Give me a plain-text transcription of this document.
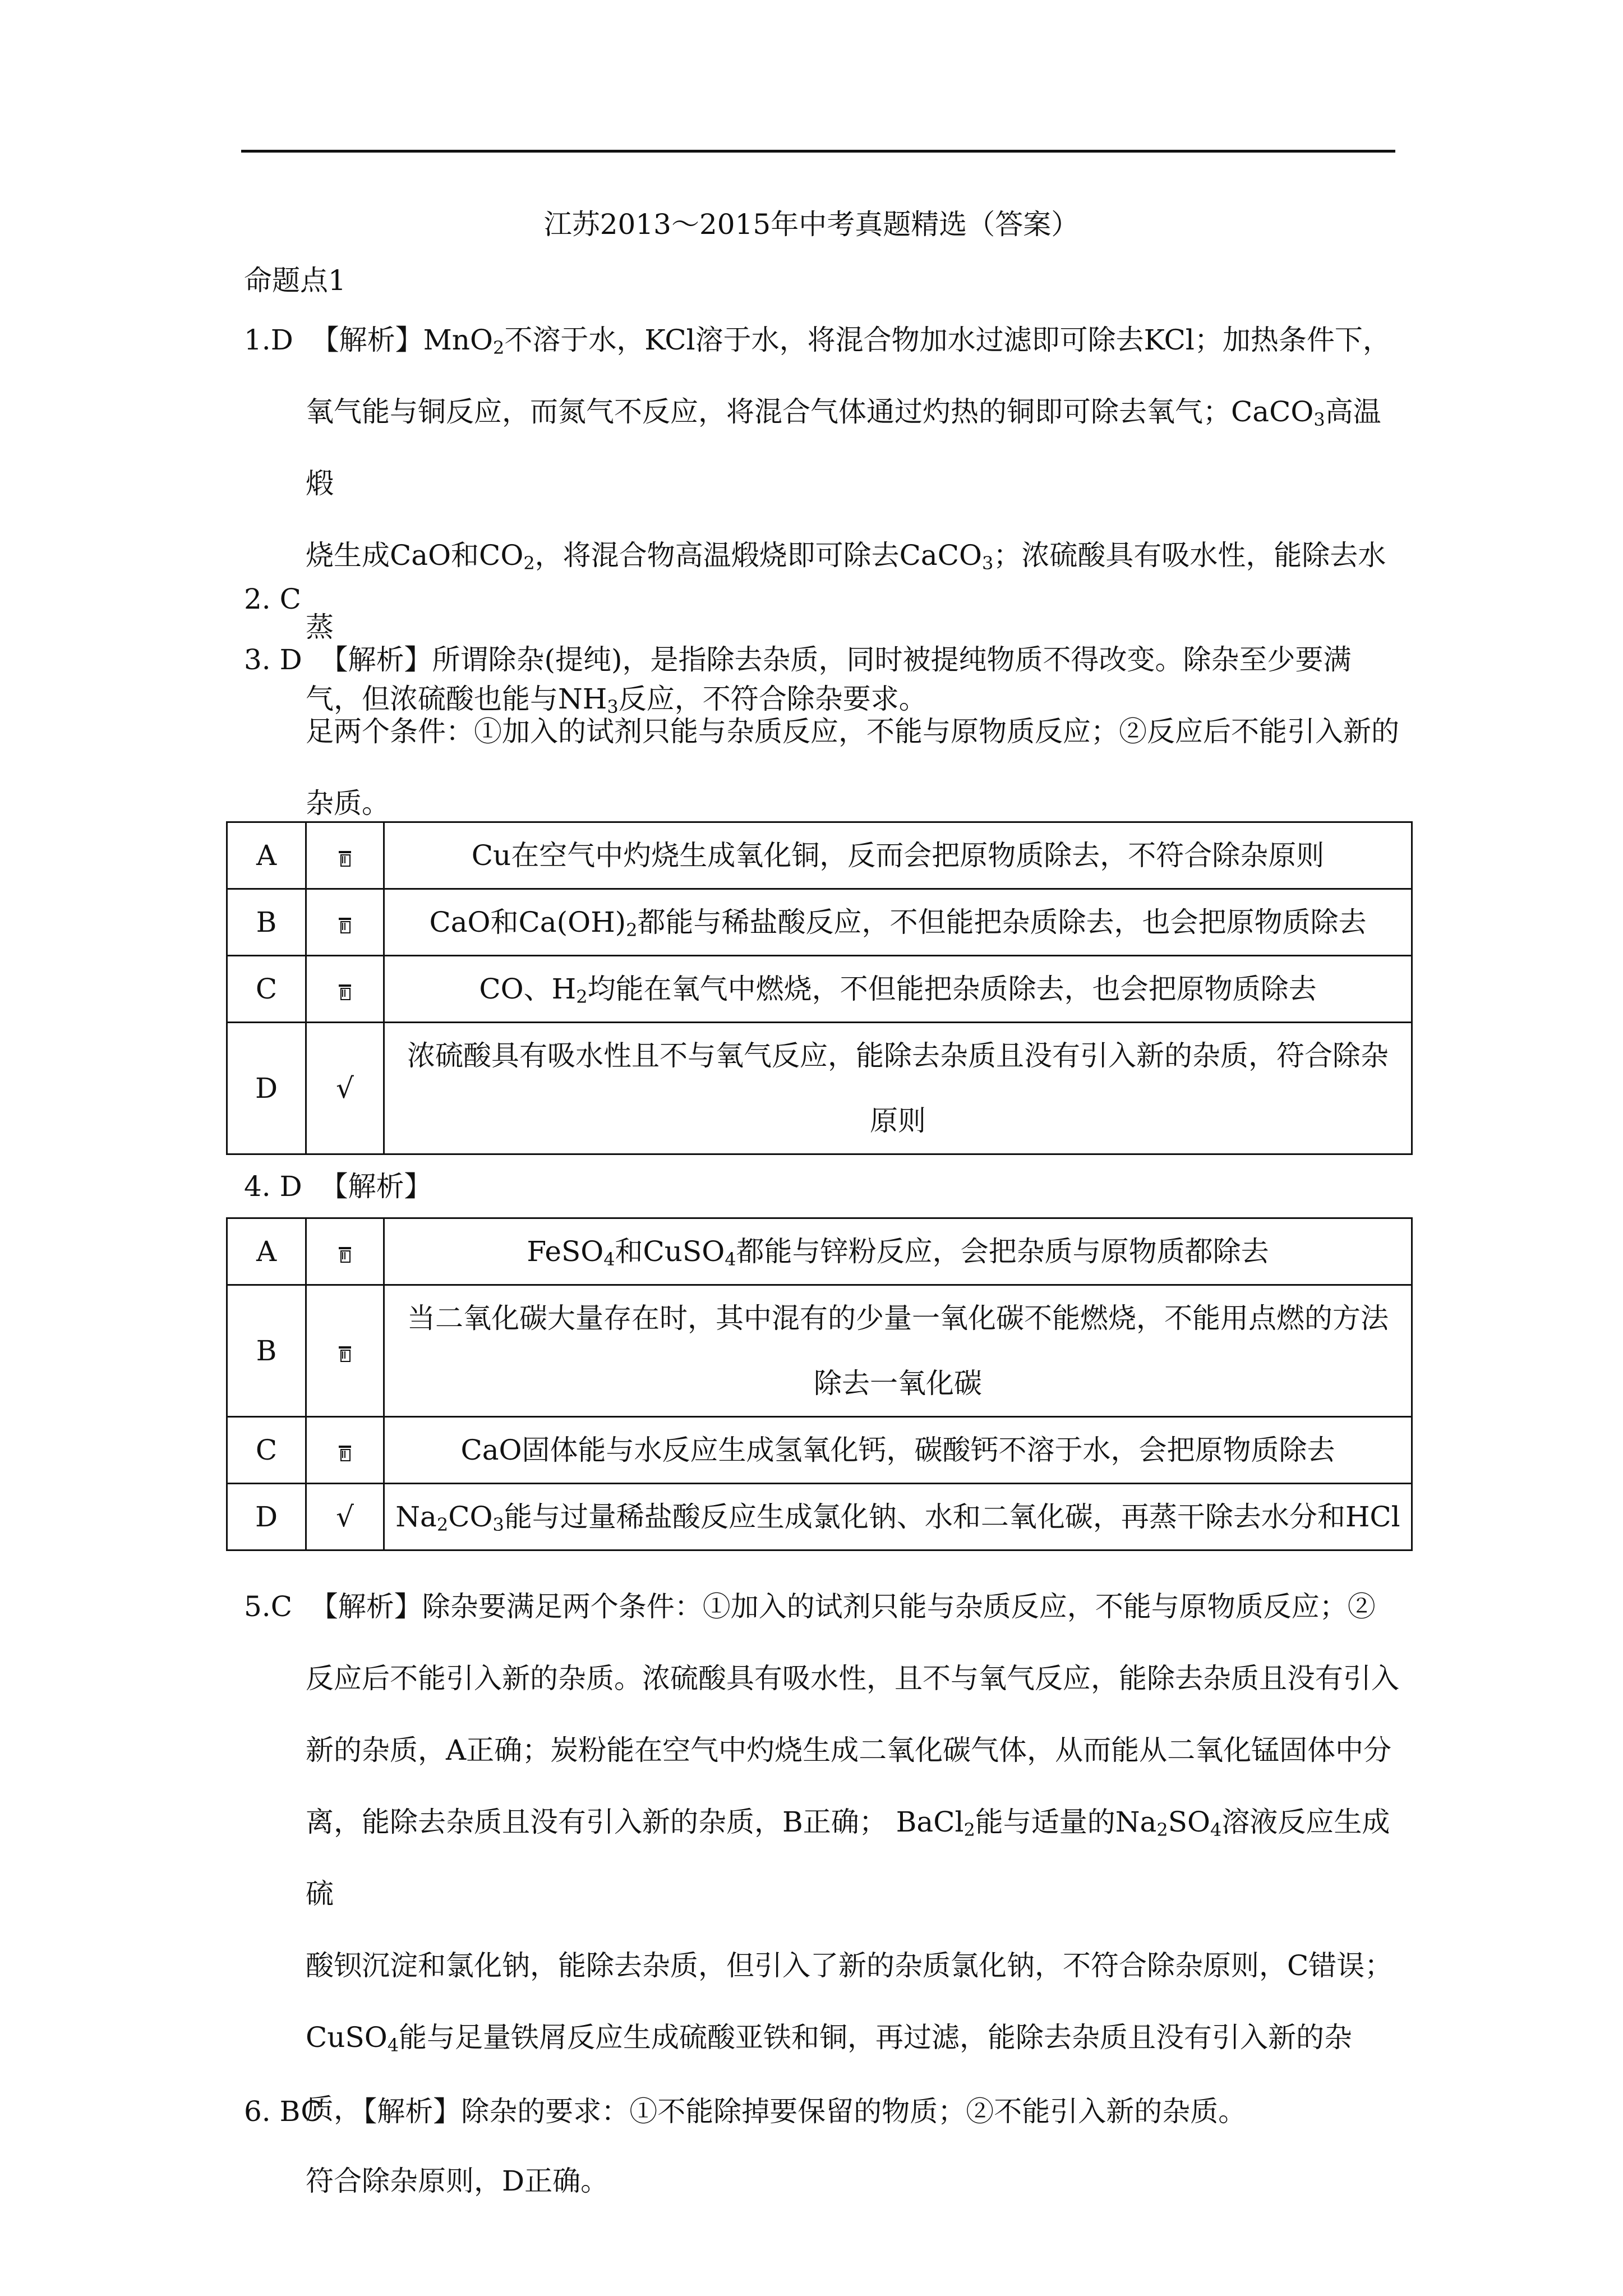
江苏2013～2015年中考真题精选（答案）
命题点1
1.D 【解析】MnO$_2$不溶于水，KCl溶于水，将混合物加水过滤即可除去KCl；加热条件下，
氧气能与铜反应，而氮气不反应，将混合气体通过灼热的铜即可除去氧气；CaCO$_3$高温煅
烧生成CaO和$CO_2$，将混合物高温煅烧即可除去CaCO$_3$；浓硫酸具有吸水性，能除去水蒸
气，但浓硫酸也能与$NH_3$反应，不符合除杂要求。
2. C
3. D 【解析】所谓除杂(提纯)，是指除去杂质，同时被提纯物质不得改变。除杂至少要满
足两个条件：①加入的试剂只能与杂质反应，不能与原物质反应；②反应后不能引入新的
杂质。
A		Cu在空气中灼烧生成氧化铜，反而会把原物质除去，不符合除杂原则
B		CaO和$Ca(OH)_2$都能与稀盐酸反应，不但能把杂质除去，也会把原物质除去
C		CO、$H_2$均能在氧气中燃烧，不但能把杂质除去，也会把原物质除去
D	√	浓硫酸具有吸水性且不与氧气反应，能除去杂质且没有引入新的杂质，符合除杂
原则
4. D 【解析】
A		FeSO$_4$和CuSO$_4$都能与锌粉反应，会把杂质与原物质都除去
B		当二氧化碳大量存在时，其中混有的少量一氧化碳不能燃烧，不能用点燃的方法
除去一氧化碳

C		CaO固体能与水反应生成氢氧化钙，碳酸钙不溶于水，会把原物质除去
D	√	$Na_2CO_3$能与过量稀盐酸反应生成氯化钠、水和二氧化碳，再蒸干除去水分和HCl
5.C 【解析】除杂要满足两个条件：①加入的试剂只能与杂质反应，不能与原物质反应；②
反应后不能引入新的杂质。浓硫酸具有吸水性，且不与氧气反应，能除去杂质且没有引入
新的杂质，A正确；炭粉能在空气中灼烧生成二氧化碳气体，从而能从二氧化锰固体中分
离，能除去杂质且没有引入新的杂质，B正确； BaCl$_2$能与适量的$Na_2SO_4$溶液反应生成硫
酸钡沉淀和氯化钠，能除去杂质，但引入了新的杂质氯化钠，不符合除杂原则，C错误；
CuSO$_4$能与足量铁屑反应生成硫酸亚铁和铜，再过滤，能除去杂质且没有引入新的杂质，
符合除杂原则，D正确。
6. BC 【解析】除杂的要求：①不能除掉要保留的物质；②不能引入新的杂质。
